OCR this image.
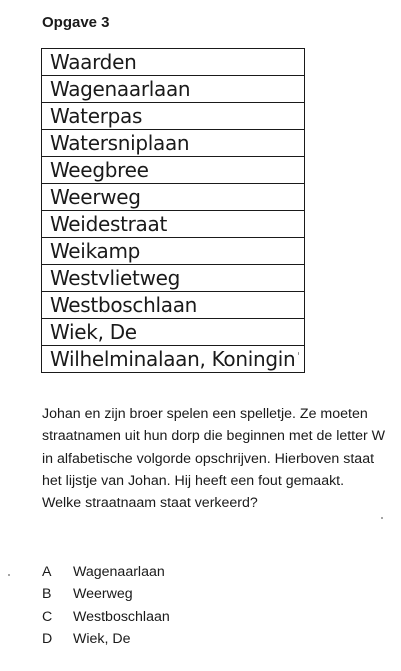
Opgave 3
Waarden
Wagenaarlaan
Waterpas
Watersniplaan
Weegbree
Weerweg
Weidestraat
Weikamp
Westvlietweg
Westboschlaan
Wiek, De
Wilhelminalaan, Koningin

Johan en zijn broer spelen een spelletje. Ze moeten straatnamen uit hun dorp die beginnen met de letter W in alfabetische volgorde opschrijven. Hierboven staat het lijstje van Johan. Hij heeft een fout gemaakt.

Welke straatnaam staat verkeerd?

A	Wagenaarlaan
B	Weerweg
C	Westboschlaan
D	Wiek, De
